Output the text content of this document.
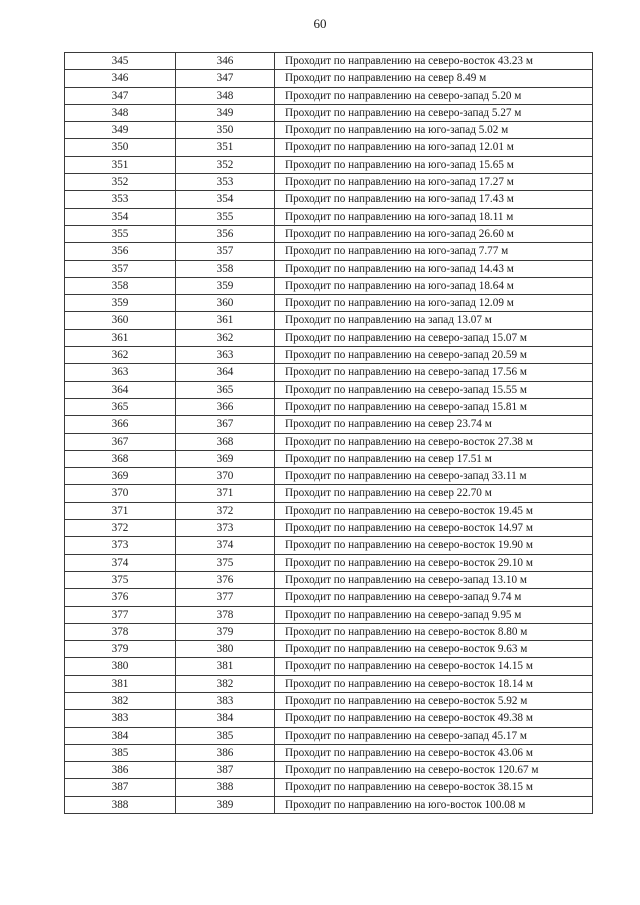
60
345	346	Проходит по направлению на северо-восток 43.23 м
346	347	Проходит по направлению на север 8.49 м
347	348	Проходит по направлению на северо-запад 5.20 м
348	349	Проходит по направлению на северо-запад 5.27 м
349	350	Проходит по направлению на юго-запад 5.02 м
350	351	Проходит по направлению на юго-запад 12.01 м
351	352	Проходит по направлению на юго-запад 15.65 м
352	353	Проходит по направлению на юго-запад 17.27 м
353	354	Проходит по направлению на юго-запад 17.43 м
354	355	Проходит по направлению на юго-запад 18.11 м
355	356	Проходит по направлению на юго-запад 26.60 м
356	357	Проходит по направлению на юго-запад 7.77 м
357	358	Проходит по направлению на юго-запад 14.43 м
358	359	Проходит по направлению на юго-запад 18.64 м
359	360	Проходит по направлению на юго-запад 12.09 м
360	361	Проходит по направлению на запад 13.07 м
361	362	Проходит по направлению на северо-запад 15.07 м
362	363	Проходит по направлению на северо-запад 20.59 м
363	364	Проходит по направлению на северо-запад 17.56 м
364	365	Проходит по направлению на северо-запад 15.55 м
365	366	Проходит по направлению на северо-запад 15.81 м
366	367	Проходит по направлению на север 23.74 м
367	368	Проходит по направлению на северо-восток 27.38 м
368	369	Проходит по направлению на север 17.51 м
369	370	Проходит по направлению на северо-запад 33.11 м
370	371	Проходит по направлению на север 22.70 м
371	372	Проходит по направлению на северо-восток 19.45 м
372	373	Проходит по направлению на северо-восток 14.97 м
373	374	Проходит по направлению на северо-восток 19.90 м
374	375	Проходит по направлению на северо-восток 29.10 м
375	376	Проходит по направлению на северо-запад 13.10 м
376	377	Проходит по направлению на северо-запад 9.74 м
377	378	Проходит по направлению на северо-запад 9.95 м
378	379	Проходит по направлению на северо-восток 8.80 м
379	380	Проходит по направлению на северо-восток 9.63 м
380	381	Проходит по направлению на северо-восток 14.15 м
381	382	Проходит по направлению на северо-восток 18.14 м
382	383	Проходит по направлению на северо-восток 5.92 м
383	384	Проходит по направлению на северо-восток 49.38 м
384	385	Проходит по направлению на северо-запад 45.17 м
385	386	Проходит по направлению на северо-восток 43.06 м
386	387	Проходит по направлению на северо-восток 120.67 м
387	388	Проходит по направлению на северо-восток 38.15 м
388	389	Проходит по направлению на юго-восток 100.08 м
